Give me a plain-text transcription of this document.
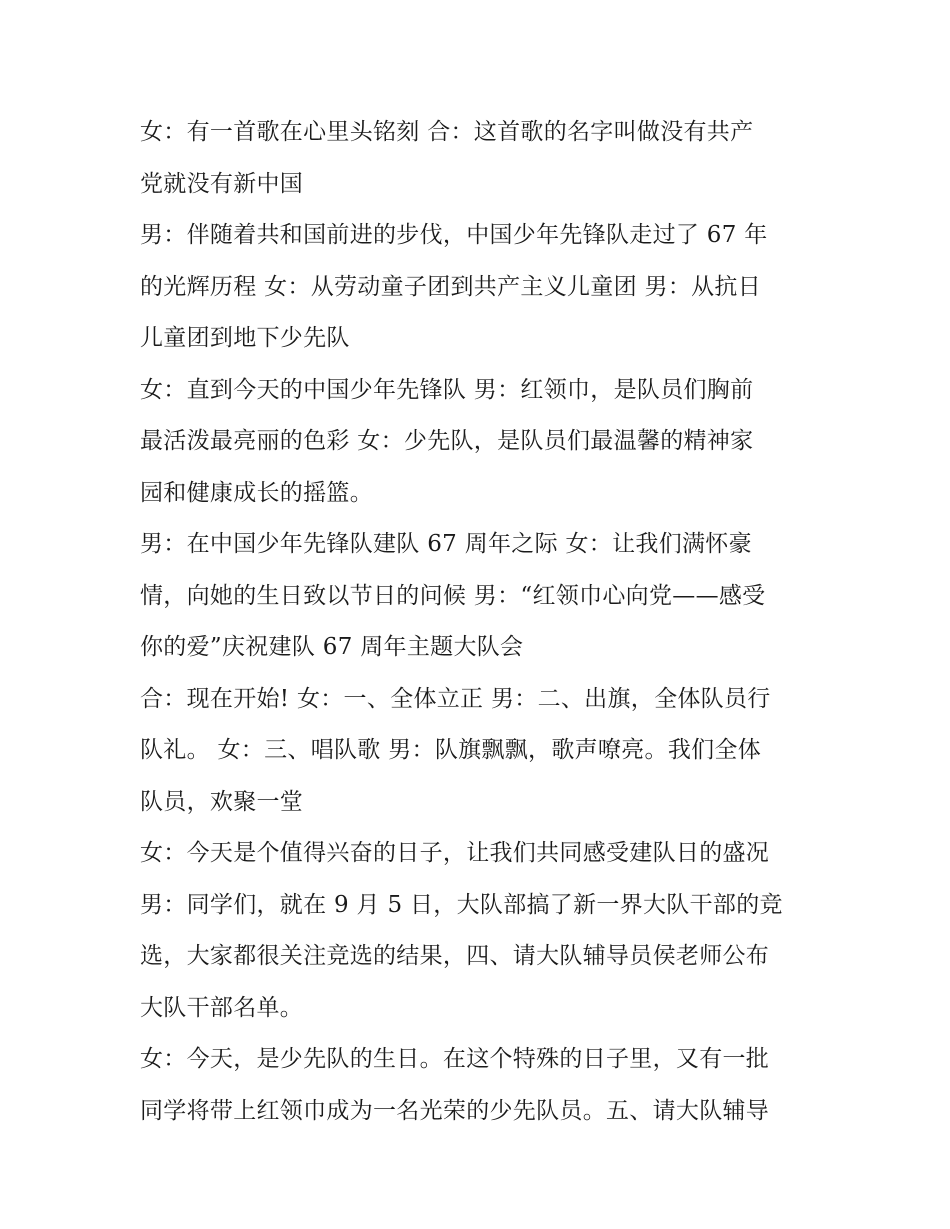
女：有一首歌在心里头铭刻 合：这首歌的名字叫做没有共产
党就没有新中国
男：伴随着共和国前进的步伐，中国少年先锋队走过了 67 年
的光辉历程 女：从劳动童子团到共产主义儿童团 男：从抗日
儿童团到地下少先队
女：直到今天的中国少年先锋队 男：红领巾，是队员们胸前
最活泼最亮丽的色彩 女：少先队，是队员们最温馨的精神家
园和健康成长的摇篮。
男：在中国少年先锋队建队 67 周年之际 女：让我们满怀豪
情，向她的生日致以节日的问候 男：“红领巾心向党——感受
你的爱”庆祝建队 67 周年主题大队会
合：现在开始! 女：一、全体立正 男：二、出旗，全体队员行
队礼。 女：三、唱队歌 男：队旗飘飘，歌声嘹亮。我们全体
队员，欢聚一堂
女：今天是个值得兴奋的日子，让我们共同感受建队日的盛况
男：同学们，就在 9 月 5 日，大队部搞了新一界大队干部的竞
选，大家都很关注竞选的结果，四、请大队辅导员侯老师公布
大队干部名单。
女：今天，是少先队的生日。在这个特殊的日子里，又有一批
同学将带上红领巾成为一名光荣的少先队员。五、请大队辅导
